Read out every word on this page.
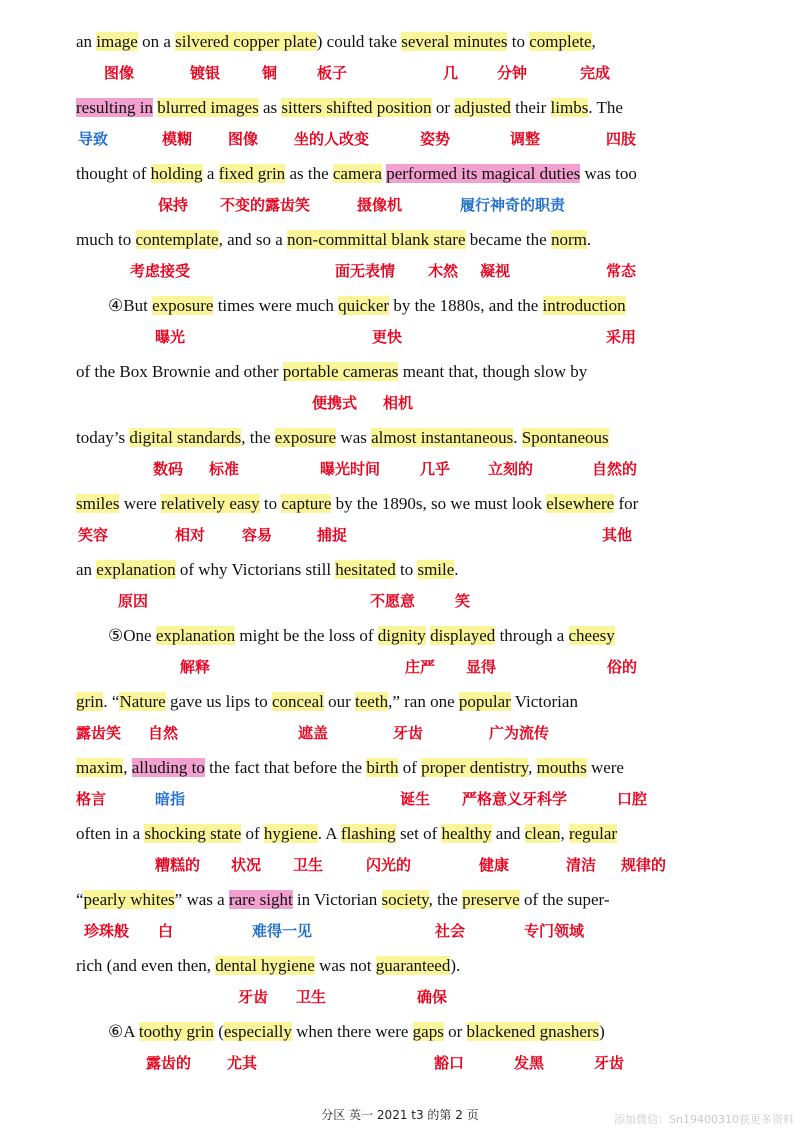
an image on a silvered copper plate) could take several minutes to complete,
resulting in blurred images as sitters shifted position or adjusted their limbs. The
thought of holding a fixed grin as the camera performed its magical duties was too
much to contemplate, and so a non-committal blank stare became the norm.
④But exposure times were much quicker by the 1880s, and the introduction
of the Box Brownie and other portable cameras meant that, though slow by
today’s digital standards, the exposure was almost instantaneous. Spontaneous
smiles were relatively easy to capture by the 1890s, so we must look elsewhere for
an explanation of why Victorians still hesitated to smile.
⑤One explanation might be the loss of dignity displayed through a cheesy
grin. “Nature gave us lips to conceal our teeth,” ran one popular Victorian
maxim, alluding to the fact that before the birth of proper dentistry, mouths were
often in a shocking state of hygiene. A flashing set of healthy and clean, regular
“pearly whites” was a rare sight in Victorian society, the preserve of the super-
rich (and even then, dental hygiene was not guaranteed).
⑥A toothy grin (especially when there were gaps or blackened gnashers)
图像	镀银	铜	板子	几	分钟	完成
导致	模糊 图像 坐的人改变	姿势	调整	四肢
保持 不变的露齿笑	摄像机	履行神奇的职责
考虑接受	面无表情 木然 凝视	常态
曝光	更快	采用
便携式 相机
数码 标准	曝光时间	几乎	立刻的	自然的
笑容	相对 容易	捕捉	其他
原因	不愿意	笑
解释	庄严 显得	俗的
露齿笑 自然	遮盖	牙齿	广为流传
格言	暗指	诞生 严格意义牙科学	口腔
糟糕的 状况 卫生	闪光的	健康	清洁 规律的
珍珠般 白	难得一见	社会	专门领域
牙齿 卫生	确保
露齿的 尤其	豁口	发黑	牙齿
分区 英一 2021 t3 的第 2 页	添加微信：Sn19400310获更多资料
